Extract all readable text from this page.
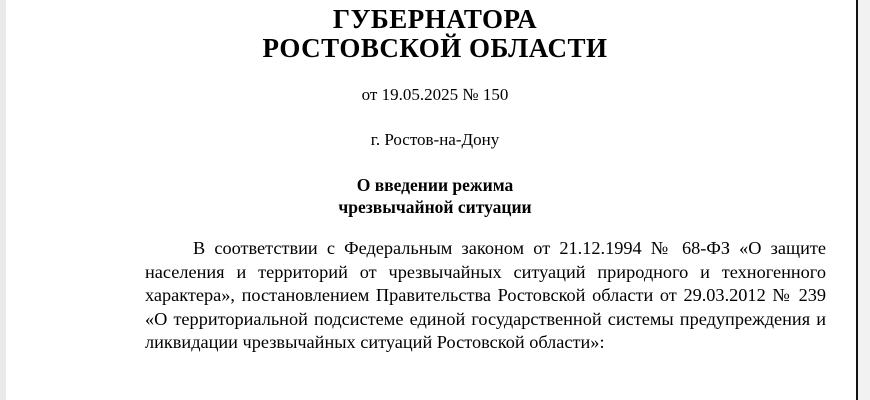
ГУБЕРНАТОРА
РОСТОВСКОЙ ОБЛАСТИ
от 19.05.2025 № 150
г. Ростов-на-Дону
О введении режима
чрезвычайной ситуации

В соответствии с Федеральным законом от 21.12.1994 № 68-ФЗ «О защите населения и территорий от чрезвычайных ситуаций природного и техногенного характера», постановлением Правительства Ростовской области от 29.03.2012 № 239 «О территориальной подсистеме единой государственной системы предупреждения и ликвидации чрезвычайных ситуаций Ростовской области»:
